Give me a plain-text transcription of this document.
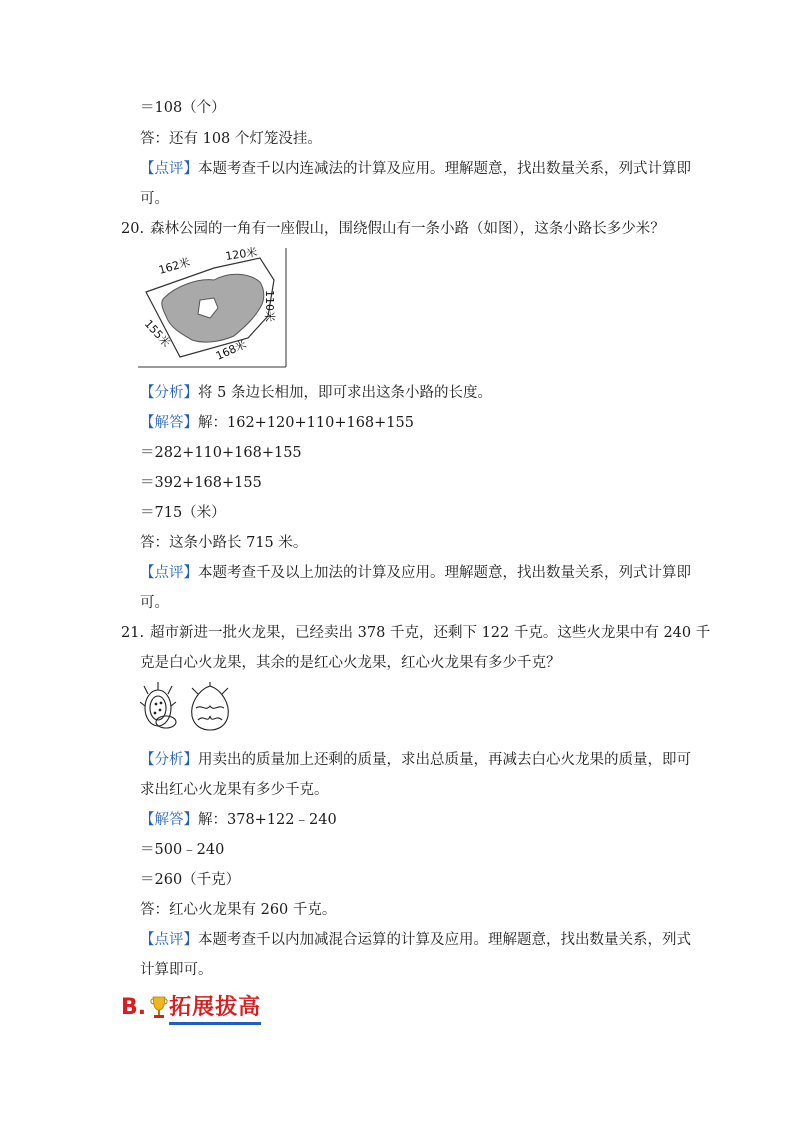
＝108（个）
答：还有 108 个灯笼没挂。
【点评】本题考查千以内连减法的计算及应用。理解题意，找出数量关系，列式计算即
可。
20. 森林公园的一角有一座假山，围绕假山有一条小路（如图），这条小路长多少米？
162米
120米
110米
168米
155米
【分析】将 5 条边长相加，即可求出这条小路的长度。
【解答】解：162+120+110+168+155
＝282+110+168+155
＝392+168+155
＝715（米）
答：这条小路长 715 米。
【点评】本题考查千及以上加法的计算及应用。理解题意，找出数量关系，列式计算即
可。
21. 超市新进一批火龙果，已经卖出 378 千克，还剩下 122 千克。这些火龙果中有 240 千
克是白心火龙果，其余的是红心火龙果，红心火龙果有多少千克？
【分析】用卖出的质量加上还剩的质量，求出总质量，再减去白心火龙果的质量，即可
求出红心火龙果有多少千克。
【解答】解：378+122﹣240
＝500﹣240
＝260（千克）
答：红心火龙果有 260 千克。
【点评】本题考查千以内加减混合运算的计算及应用。理解题意，找出数量关系，列式
计算即可。
B. 拓展拔高
